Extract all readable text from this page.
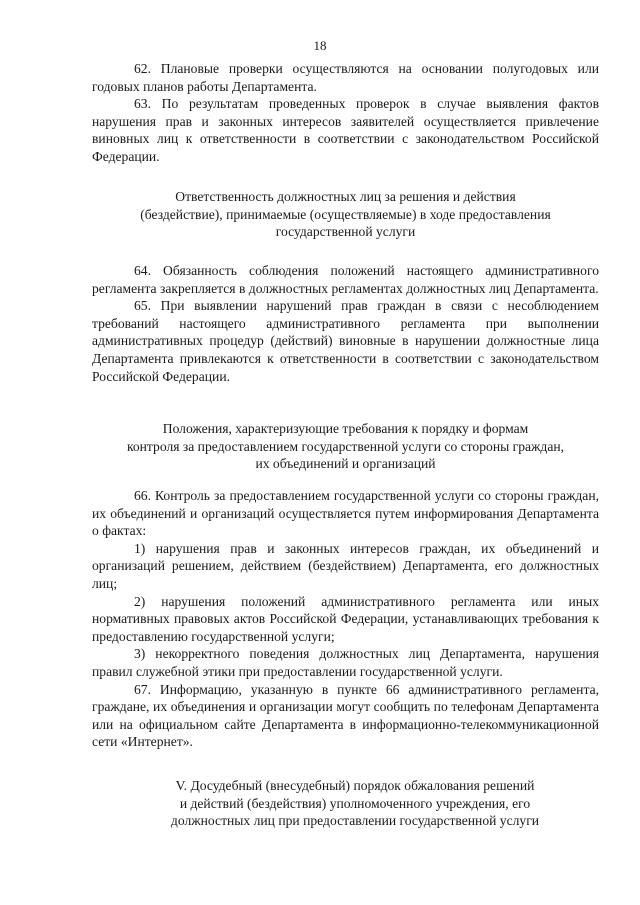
18

62. Плановые проверки осуществляются на основании полугодовых или годовых планов работы Департамента.

63. По результатам проведенных проверок в случае выявления фактов нарушения прав и законных интересов заявителей осуществляется привлечение виновных лиц к ответственности в соответствии с законодательством Российской Федерации.

Ответственность должностных лиц за решения и действия

(бездействие), принимаемые (осуществляемые) в ходе предоставления

государственной услуги

64. Обязанность соблюдения положений настоящего административного регламента закрепляется в должностных регламентах должностных лиц Департамента.

65. При выявлении нарушений прав граждан в связи с несоблюдением требований настоящего административного регламента при выполнении административных процедур (действий) виновные в нарушении должностные лица Департамента привлекаются к ответственности в соответствии с законодательством Российской Федерации.

Положения, характеризующие требования к порядку и формам

контроля за предоставлением государственной услуги со стороны граждан,

их объединений и организаций

66. Контроль за предоставлением государственной услуги со стороны граждан, их объединений и организаций осуществляется путем информирования Департамента о фактах:

1) нарушения прав и законных интересов граждан, их объединений и организаций решением, действием (бездействием) Департамента, его должностных лиц;

2) нарушения положений административного регламента или иных нормативных правовых актов Российской Федерации, устанавливающих требования к предоставлению государственной услуги;

3) некорректного поведения должностных лиц Департамента, нарушения правил служебной этики при предоставлении государственной услуги.

67. Информацию, указанную в пункте 66 административного регламента, граждане, их объединения и организации могут сообщить по телефонам Департамента или на официальном сайте Департамента в информационно-телекоммуникационной сети «Интернет».

V. Досудебный (внесудебный) порядок обжалования решений

и действий (бездействия) уполномоченного учреждения, его

должностных лиц при предоставлении государственной услуги
